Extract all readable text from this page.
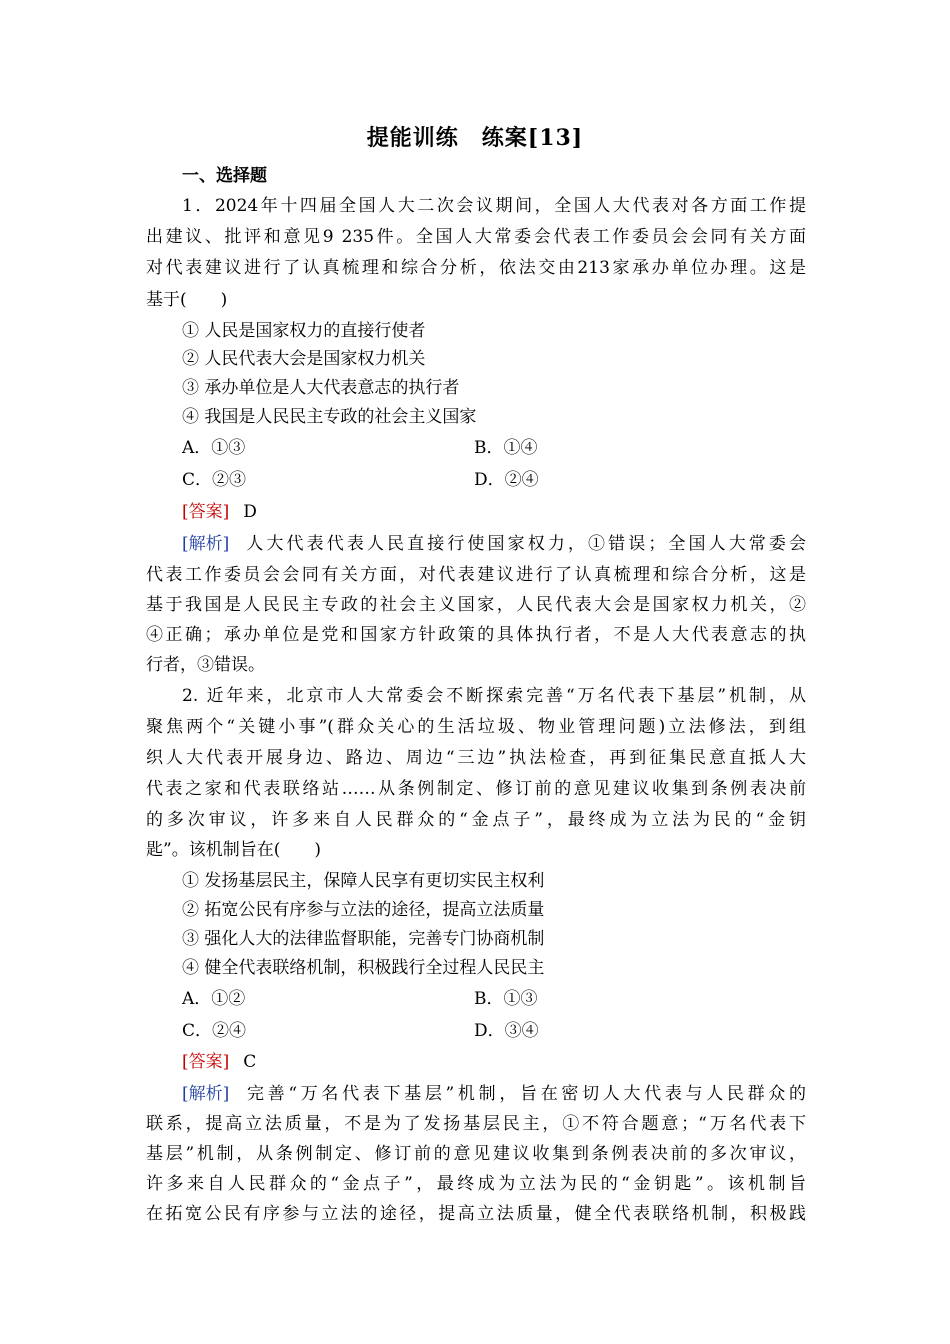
提能训练　练案[13]
一、选择题
1．2024年十四届全国人大二次会议期间，全国人大代表对各方面工作提
出建议、批评和意见9 235件。全国人大常委会代表工作委员会会同有关方面
对代表建议进行了认真梳理和综合分析，依法交由213家承办单位办理。这是
基于(　　)
① 人民是国家权力的直接行使者
② 人民代表大会是国家权力机关
③ 承办单位是人大代表意志的执行者
④ 我国是人民民主专政的社会主义国家
A．①③	B．①④
C．②③	D．②④
[答案] D
[解析] 人大代表代表人民直接行使国家权力，①错误；全国人大常委会
代表工作委员会会同有关方面，对代表建议进行了认真梳理和综合分析，这是
基于我国是人民民主专政的社会主义国家，人民代表大会是国家权力机关，②
④正确；承办单位是党和国家方针政策的具体执行者，不是人大代表意志的执
行者，③错误。
2. 近年来，北京市人大常委会不断探索完善“万名代表下基层”机制，从
聚焦两个“关键小事”(群众关心的生活垃圾、物业管理问题)立法修法，到组
织人大代表开展身边、路边、周边“三边”执法检查，再到征集民意直抵人大
代表之家和代表联络站……从条例制定、修订前的意见建议收集到条例表决前
的多次审议，许多来自人民群众的“金点子”，最终成为立法为民的“金钥
匙”。该机制旨在(　　)
① 发扬基层民主，保障人民享有更切实民主权利
② 拓宽公民有序参与立法的途径，提高立法质量
③ 强化人大的法律监督职能，完善专门协商机制
④ 健全代表联络机制，积极践行全过程人民民主
A．①②	B．①③
C．②④	D．③④
[答案] C
[解析] 完善“万名代表下基层”机制，旨在密切人大代表与人民群众的
联系，提高立法质量，不是为了发扬基层民主，①不符合题意；“万名代表下
基层”机制，从条例制定、修订前的意见建议收集到条例表决前的多次审议，
许多来自人民群众的“金点子”，最终成为立法为民的“金钥匙”。该机制旨
在拓宽公民有序参与立法的途径，提高立法质量，健全代表联络机制，积极践
